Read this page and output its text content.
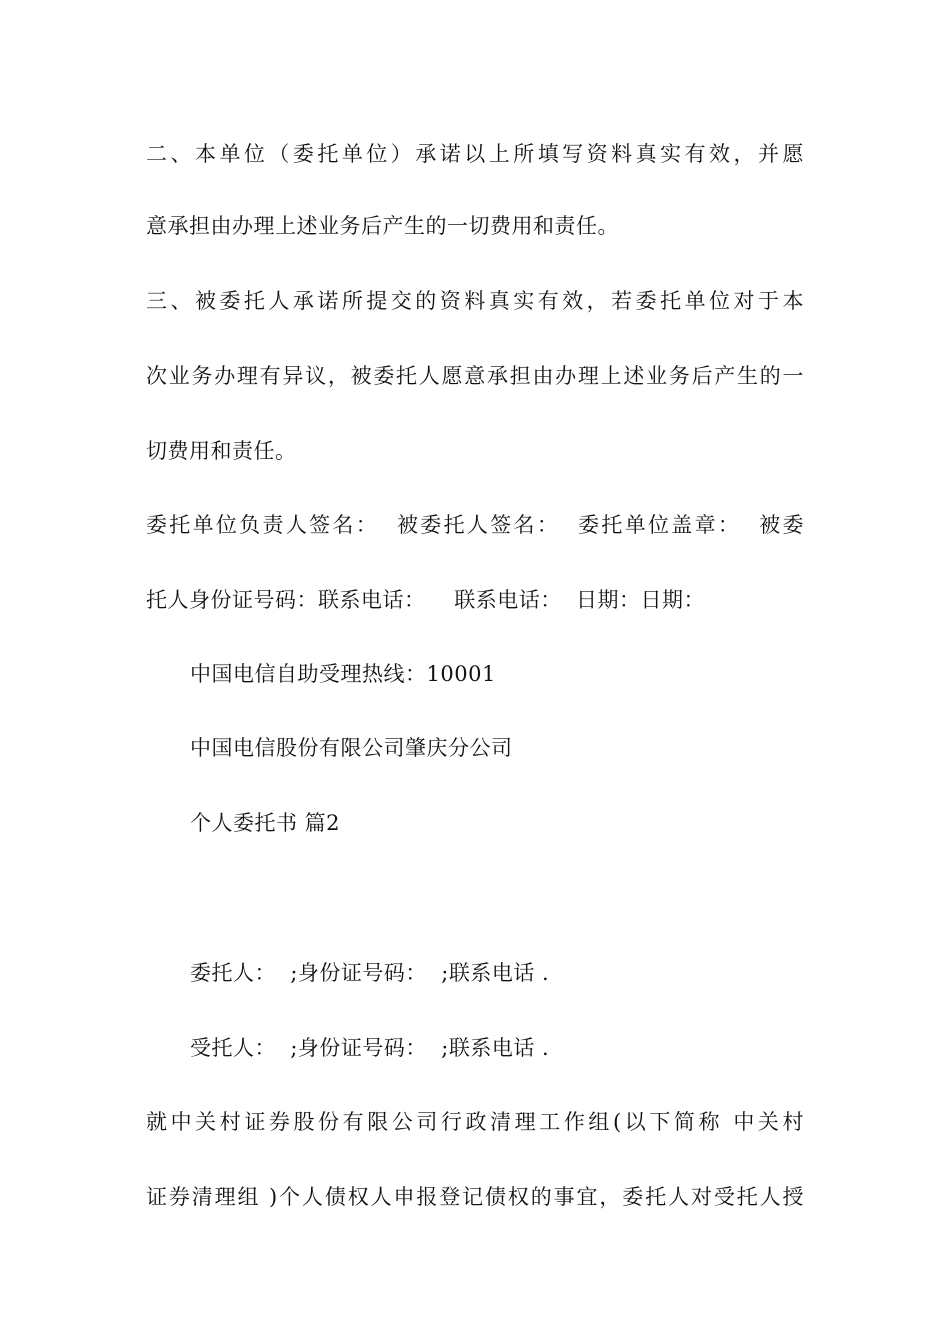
二、本单位（委托单位）承诺以上所填写资料真实有效，并愿
意承担由办理上述业务后产生的一切费用和责任。
三、被委托人承诺所提交的资料真实有效，若委托单位对于本
次业务办理有异议，被委托人愿意承担由办理上述业务后产生的一
切费用和责任。
委托单位负责人签名：  被委托人签名：  委托单位盖章：  被委
托人身份证号码：联系电话：    联系电话：  日期：日期：
中国电信自助受理热线：10001
中国电信股份有限公司肇庆分公司
个人委托书 篇2
委托人：  ;身份证号码：  ;联系电话 .
受托人：  ;身份证号码：  ;联系电话 .
就中关村证券股份有限公司行政清理工作组(以下简称 中关村
证券清理组 )个人债权人申报登记债权的事宜，委托人对受托人授
